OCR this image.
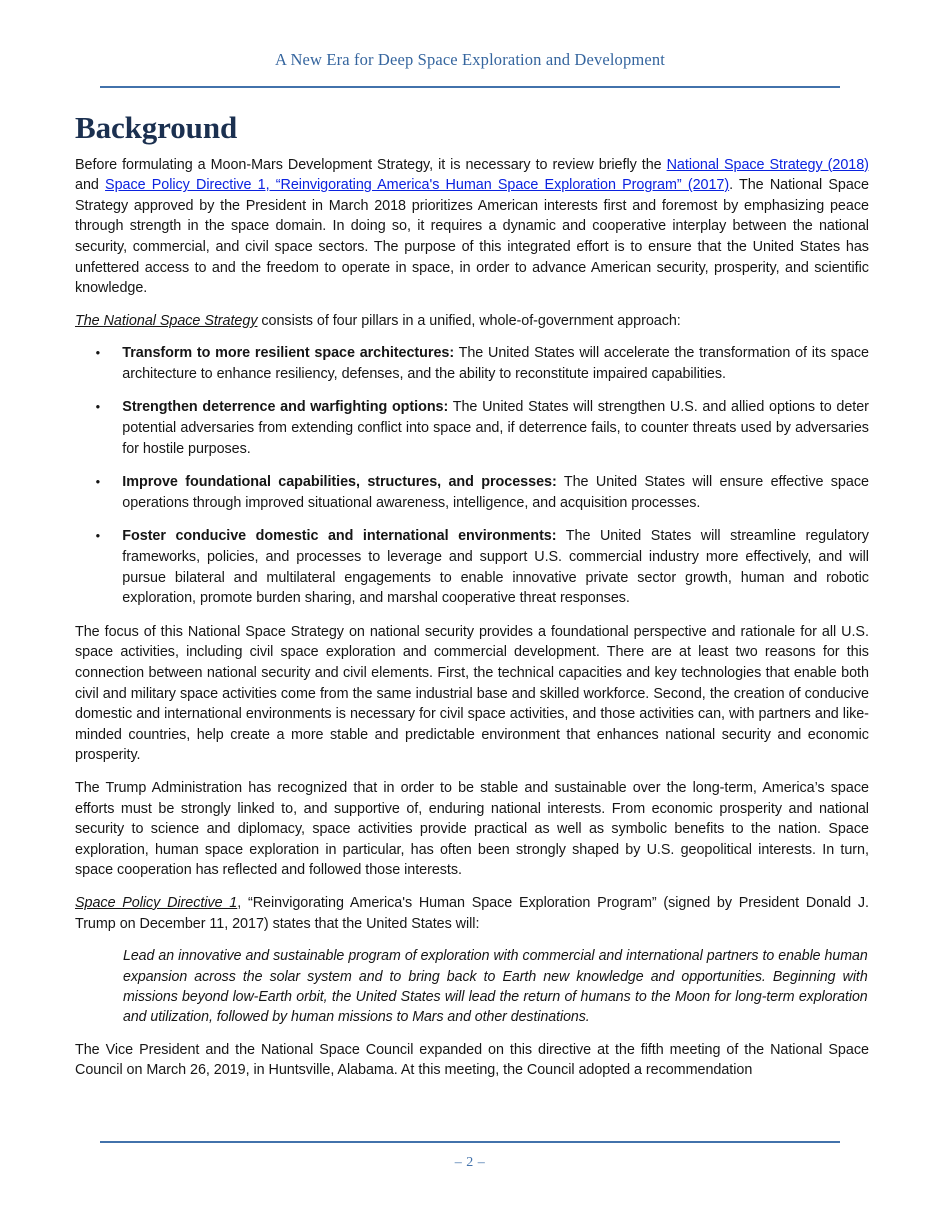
A New Era for Deep Space Exploration and Development
Background

Before formulating a Moon-Mars Development Strategy, it is necessary to review briefly the National Space Strategy (2018) and Space Policy Directive 1, “Reinvigorating America's Human Space Exploration Program” (2017). The National Space Strategy approved by the President in March 2018 prioritizes American interests first and foremost by emphasizing peace through strength in the space domain. In doing so, it requires a dynamic and cooperative interplay between the national security, commercial, and civil space sectors. The purpose of this integrated effort is to ensure that the United States has unfettered access to and the freedom to operate in space, in order to advance American security, prosperity, and scientific knowledge.

The National Space Strategy consists of four pillars in a unified, whole-of-government approach:

• Transform to more resilient space architectures: The United States will accelerate the transformation of its space architecture to enhance resiliency, defenses, and the ability to reconstitute impaired capabilities.
• Strengthen deterrence and warfighting options: The United States will strengthen U.S. and allied options to deter potential adversaries from extending conflict into space and, if deterrence fails, to counter threats used by adversaries for hostile purposes.
• Improve foundational capabilities, structures, and processes: The United States will ensure effective space operations through improved situational awareness, intelligence, and acquisition processes.
• Foster conducive domestic and international environments: The United States will streamline regulatory frameworks, policies, and processes to leverage and support U.S. commercial industry more effectively, and will pursue bilateral and multilateral engagements to enable innovative private sector growth, human and robotic exploration, promote burden sharing, and marshal cooperative threat responses.

The focus of this National Space Strategy on national security provides a foundational perspective and rationale for all U.S. space activities, including civil space exploration and commercial development. There are at least two reasons for this connection between national security and civil elements. First, the technical capacities and key technologies that enable both civil and military space activities come from the same industrial base and skilled workforce. Second, the creation of conducive domestic and international environments is necessary for civil space activities, and those activities can, with partners and like-minded countries, help create a more stable and predictable environment that enhances national security and economic prosperity.

The Trump Administration has recognized that in order to be stable and sustainable over the long-term, America’s space efforts must be strongly linked to, and supportive of, enduring national interests. From economic prosperity and national security to science and diplomacy, space activities provide practical as well as symbolic benefits to the nation. Space exploration, human space exploration in particular, has often been strongly shaped by U.S. geopolitical interests. In turn, space cooperation has reflected and followed those interests.

Space Policy Directive 1, “Reinvigorating America's Human Space Exploration Program” (signed by President Donald J. Trump on December 11, 2017) states that the United States will:

Lead an innovative and sustainable program of exploration with commercial and international partners to enable human expansion across the solar system and to bring back to Earth new knowledge and opportunities. Beginning with missions beyond low-Earth orbit, the United States will lead the return of humans to the Moon for long-term exploration and utilization, followed by human missions to Mars and other destinations.

The Vice President and the National Space Council expanded on this directive at the fifth meeting of the National Space Council on March 26, 2019, in Huntsville, Alabama. At this meeting, the Council adopted a recommendation

– 2 –
